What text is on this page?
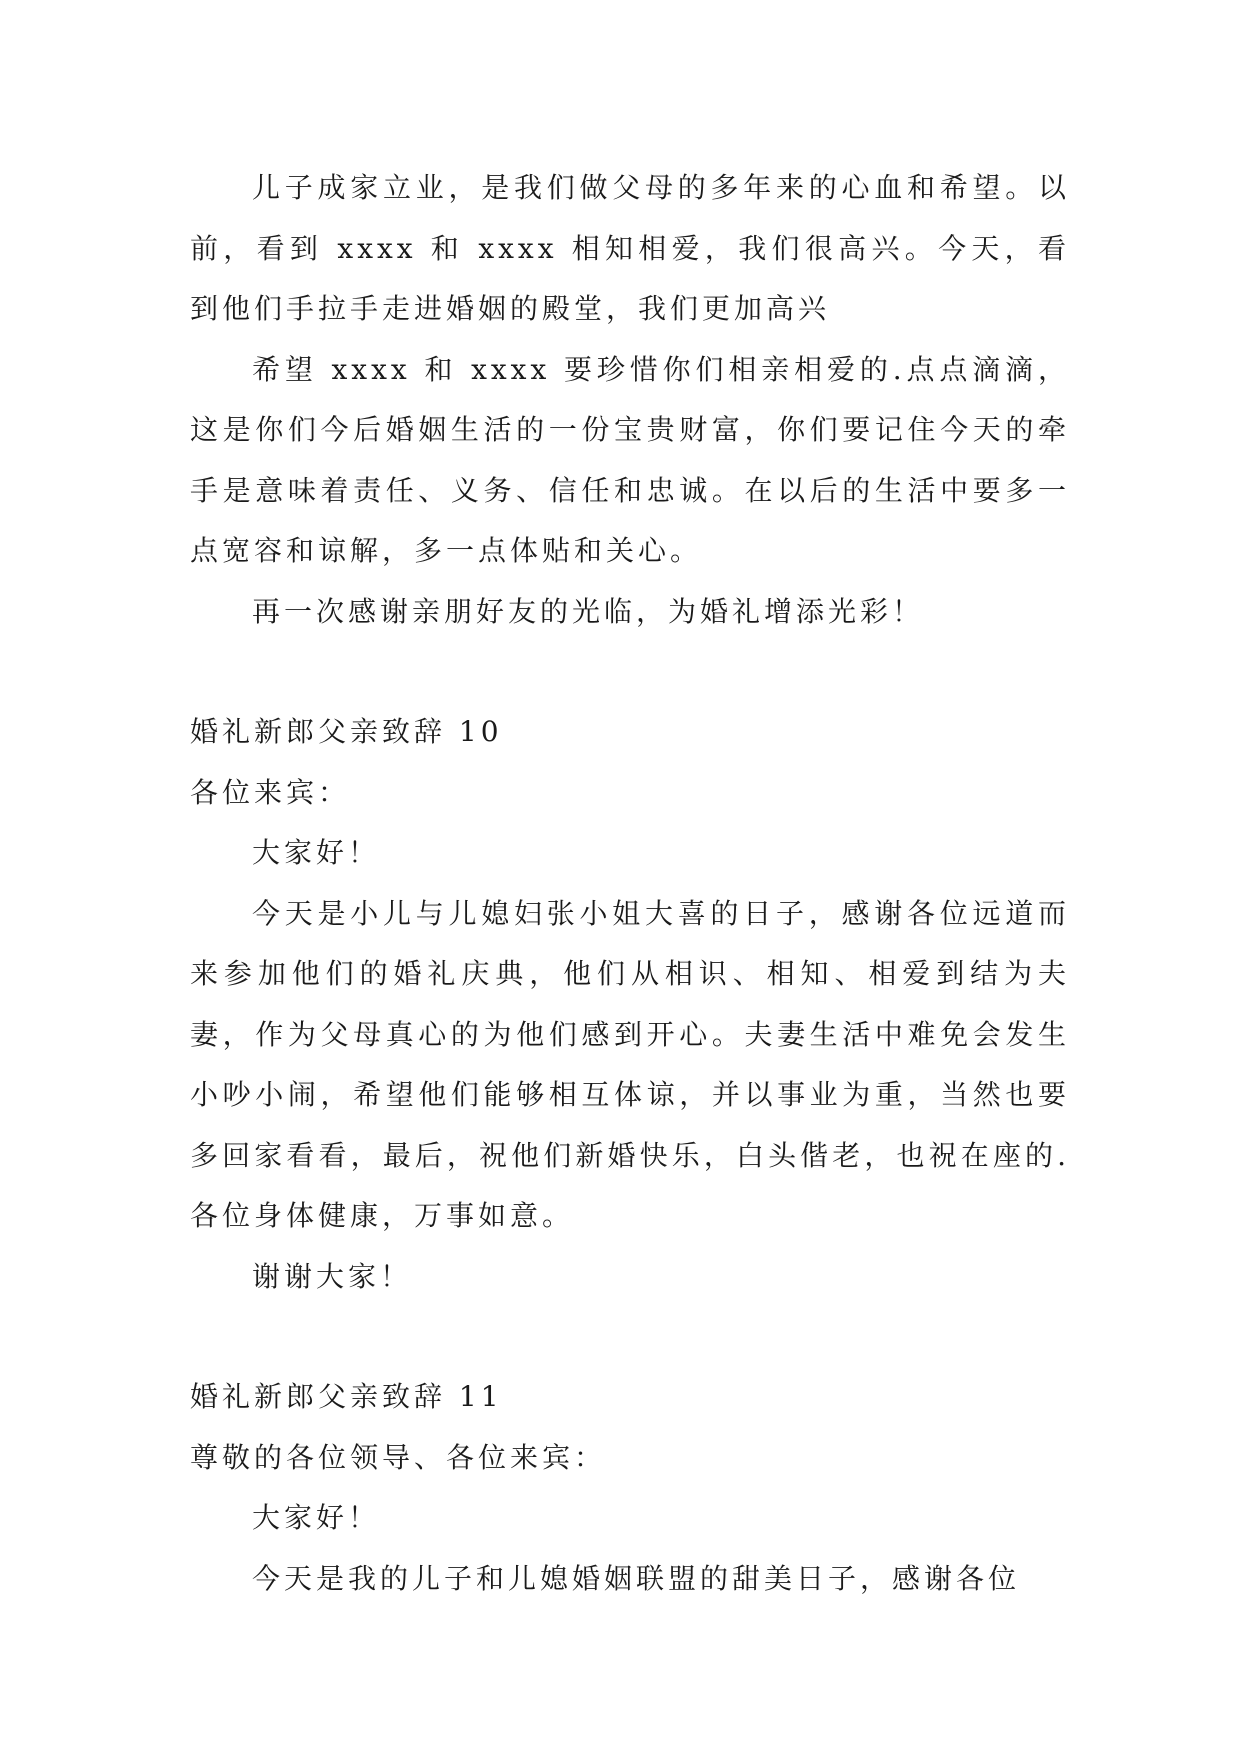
儿子成家立业，是我们做父母的多年来的心血和希望。以前，看到 xxxx 和 xxxx 相知相爱，我们很高兴。今天，看到他们手拉手走进婚姻的殿堂，我们更加高兴

希望 xxxx 和 xxxx 要珍惜你们相亲相爱的.点点滴滴，这是你们今后婚姻生活的一份宝贵财富，你们要记住今天的牵手是意味着责任、义务、信任和忠诚。在以后的生活中要多一点宽容和谅解，多一点体贴和关心。

再一次感谢亲朋好友的光临，为婚礼增添光彩！

婚礼新郎父亲致辞 10

各位来宾：

大家好！

今天是小儿与儿媳妇张小姐大喜的日子，感谢各位远道而来参加他们的婚礼庆典，他们从相识、相知、相爱到结为夫妻，作为父母真心的为他们感到开心。夫妻生活中难免会发生小吵小闹，希望他们能够相互体谅，并以事业为重，当然也要多回家看看，最后，祝他们新婚快乐，白头偕老，也祝在座的.各位身体健康，万事如意。

谢谢大家！

婚礼新郎父亲致辞 11

尊敬的各位领导、各位来宾：

大家好！

今天是我的儿子和儿媳婚姻联盟的甜美日子，感谢各位
